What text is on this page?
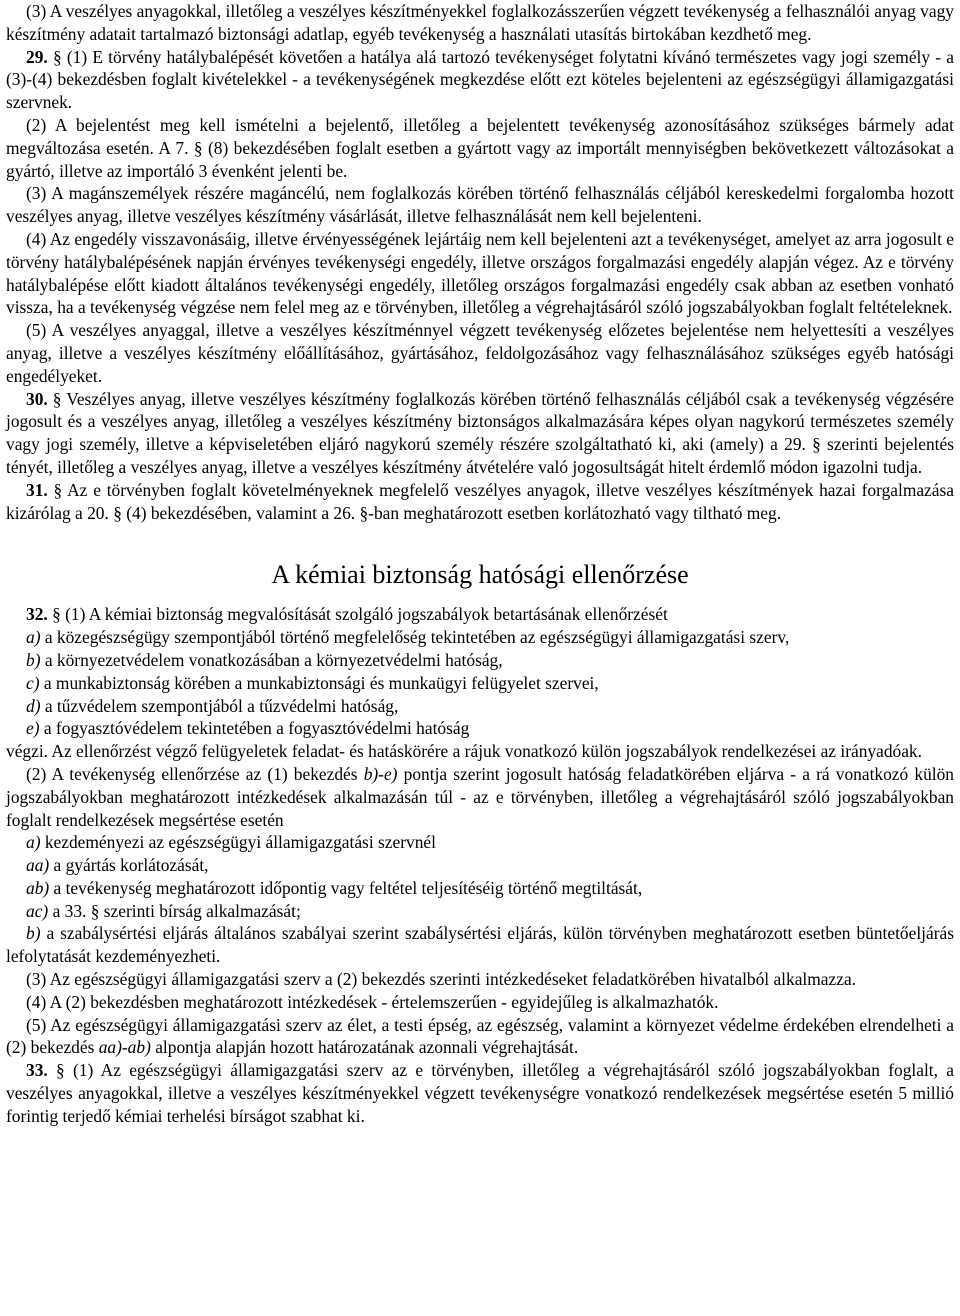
(3) A veszélyes anyagokkal, illetőleg a veszélyes készítményekkel foglalkozásszerűen végzett tevékenység a felhasználói anyag vagy készítmény adatait tartalmazó biztonsági adatlap, egyéb tevékenység a használati utasítás birtokában kezdhető meg.

29. § (1) E törvény hatálybalépését követően a hatálya alá tartozó tevékenységet folytatni kívánó természetes vagy jogi személy - a (3)-(4) bekezdésben foglalt kivételekkel - a tevékenységének megkezdése előtt ezt köteles bejelenteni az egészségügyi államigazgatási szervnek.

(2) A bejelentést meg kell ismételni a bejelentő, illetőleg a bejelentett tevékenység azonosításához szükséges bármely adat megváltozása esetén. A 7. § (8) bekezdésében foglalt esetben a gyártott vagy az importált mennyiségben bekövetkezett változásokat a gyártó, illetve az importáló 3 évenként jelenti be.

(3) A magánszemélyek részére magáncélú, nem foglalkozás körében történő felhasználás céljából kereskedelmi forgalomba hozott veszélyes anyag, illetve veszélyes készítmény vásárlását, illetve felhasználását nem kell bejelenteni.

(4) Az engedély visszavonásáig, illetve érvényességének lejártáig nem kell bejelenteni azt a tevékenységet, amelyet az arra jogosult e törvény hatálybalépésének napján érvényes tevékenységi engedély, illetve országos forgalmazási engedély alapján végez. Az e törvény hatálybalépése előtt kiadott általános tevékenységi engedély, illetőleg országos forgalmazási engedély csak abban az esetben vonható vissza, ha a tevékenység végzése nem felel meg az e törvényben, illetőleg a végrehajtásáról szóló jogszabályokban foglalt feltételeknek.

(5) A veszélyes anyaggal, illetve a veszélyes készítménnyel végzett tevékenység előzetes bejelentése nem helyettesíti a veszélyes anyag, illetve a veszélyes készítmény előállításához, gyártásához, feldolgozásához vagy felhasználásához szükséges egyéb hatósági engedélyeket.

30. § Veszélyes anyag, illetve veszélyes készítmény foglalkozás körében történő felhasználás céljából csak a tevékenység végzésére jogosult és a veszélyes anyag, illetőleg a veszélyes készítmény biztonságos alkalmazására képes olyan nagykorú természetes személy vagy jogi személy, illetve a képviseletében eljáró nagykorú személy részére szolgáltatható ki, aki (amely) a 29. § szerinti bejelentés tényét, illetőleg a veszélyes anyag, illetve a veszélyes készítmény átvételére való jogosultságát hitelt érdemlő módon igazolni tudja.

31. § Az e törvényben foglalt követelményeknek megfelelő veszélyes anyagok, illetve veszélyes készítmények hazai forgalmazása kizárólag a 20. § (4) bekezdésében, valamint a 26. §-ban meghatározott esetben korlátozható vagy tiltható meg.

A kémiai biztonság hatósági ellenőrzése

32. § (1) A kémiai biztonság megvalósítását szolgáló jogszabályok betartásának ellenőrzését

a) a közegészségügy szempontjából történő megfelelőség tekintetében az egészségügyi államigazgatási szerv,

b) a környezetvédelem vonatkozásában a környezetvédelmi hatóság,

c) a munkabiztonság körében a munkabiztonsági és munkaügyi felügyelet szervei,

d) a tűzvédelem szempontjából a tűzvédelmi hatóság,

e) a fogyasztóvédelem tekintetében a fogyasztóvédelmi hatóság

végzi. Az ellenőrzést végző felügyeletek feladat- és hatáskörére a rájuk vonatkozó külön jogszabályok rendelkezései az irányadóak.

(2) A tevékenység ellenőrzése az (1) bekezdés b)-e) pontja szerint jogosult hatóság feladatkörében eljárva - a rá vonatkozó külön jogszabályokban meghatározott intézkedések alkalmazásán túl - az e törvényben, illetőleg a végrehajtásáról szóló jogszabályokban foglalt rendelkezések megsértése esetén

a) kezdeményezi az egészségügyi államigazgatási szervnél

aa) a gyártás korlátozását,

ab) a tevékenység meghatározott időpontig vagy feltétel teljesítéséig történő megtiltását,

ac) a 33. § szerinti bírság alkalmazását;

b) a szabálysértési eljárás általános szabályai szerint szabálysértési eljárás, külön törvényben meghatározott esetben büntetőeljárás lefolytatását kezdeményezheti.

(3) Az egészségügyi államigazgatási szerv a (2) bekezdés szerinti intézkedéseket feladatkörében hivatalból alkalmazza.

(4) A (2) bekezdésben meghatározott intézkedések - értelemszerűen - egyidejűleg is alkalmazhatók.

(5) Az egészségügyi államigazgatási szerv az élet, a testi épség, az egészség, valamint a környezet védelme érdekében elrendelheti a (2) bekezdés aa)-ab) alpontja alapján hozott határozatának azonnali végrehajtását.

33. § (1) Az egészségügyi államigazgatási szerv az e törvényben, illetőleg a végrehajtásáról szóló jogszabályokban foglalt, a veszélyes anyagokkal, illetve a veszélyes készítményekkel végzett tevékenységre vonatkozó rendelkezések megsértése esetén 5 millió forintig terjedő kémiai terhelési bírságot szabhat ki.
